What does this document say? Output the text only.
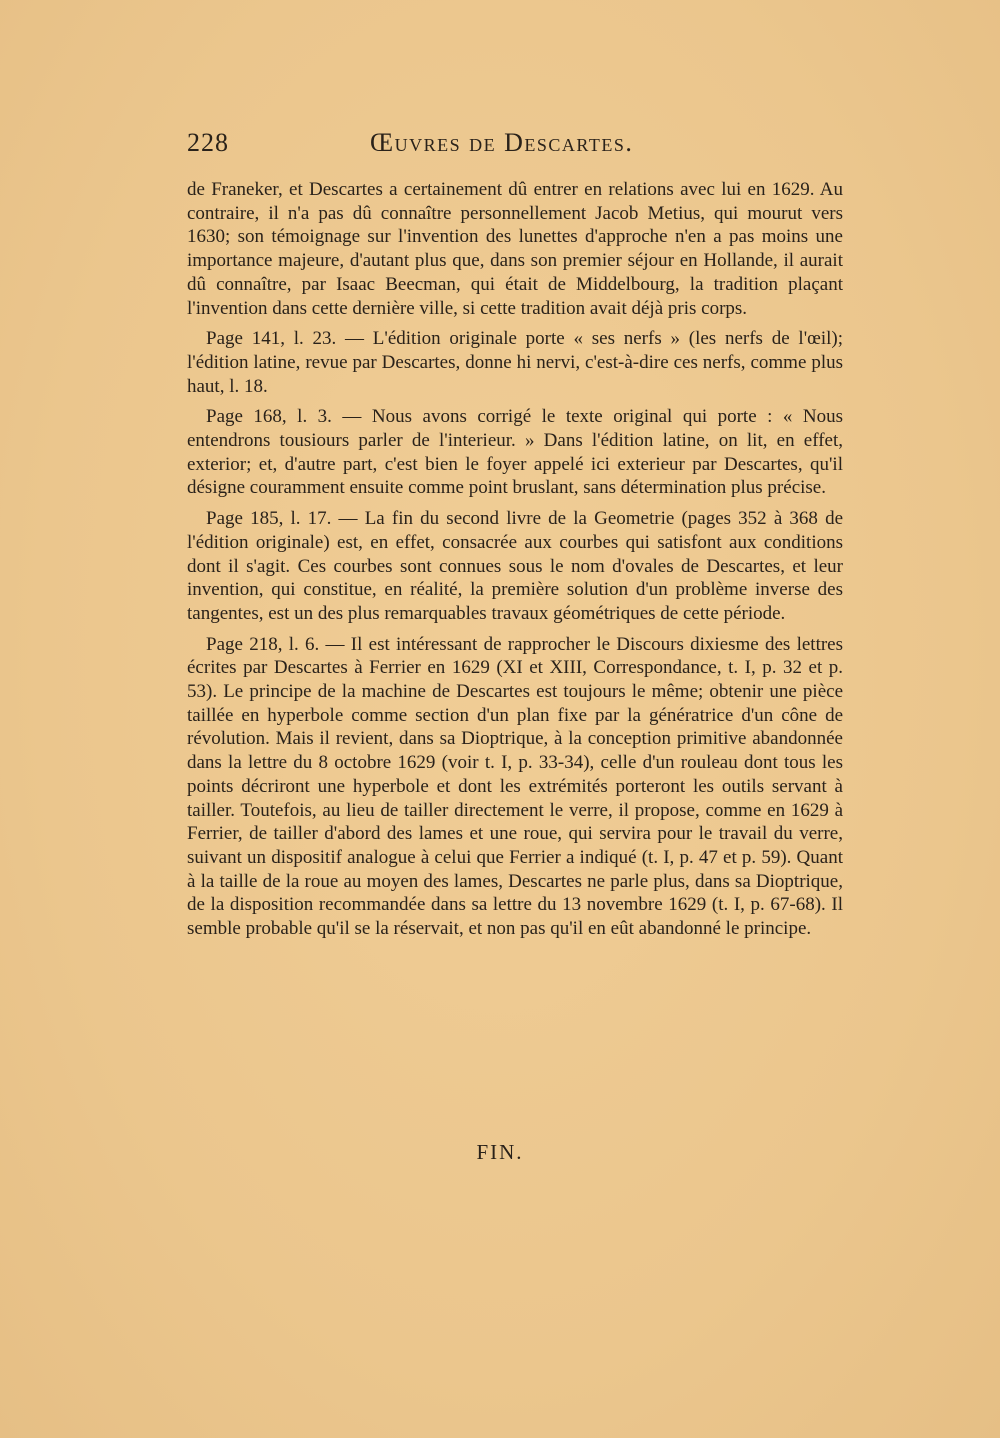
228	Œuvres de Descartes.

de Franeker, et Descartes a certainement dû entrer en relations avec lui en 1629. Au contraire, il n'a pas dû connaître personnellement Jacob Metius, qui mourut vers 1630; son témoignage sur l'invention des lunettes d'approche n'en a pas moins une importance majeure, d'autant plus que, dans son premier séjour en Hollande, il aurait dû connaître, par Isaac Beecman, qui était de Middelbourg, la tradition plaçant l'invention dans cette dernière ville, si cette tradition avait déjà pris corps.

Page 141, l. 23. — L'édition originale porte « ses nerfs » (les nerfs de l'œil); l'édition latine, revue par Descartes, donne hi nervi, c'est-à-dire ces nerfs, comme plus haut, l. 18.

Page 168, l. 3. — Nous avons corrigé le texte original qui porte : « Nous entendrons tousiours parler de l'interieur. » Dans l'édition latine, on lit, en effet, exterior; et, d'autre part, c'est bien le foyer appelé ici exterieur par Descartes, qu'il désigne couramment ensuite comme point bruslant, sans détermination plus précise.

Page 185, l. 17. — La fin du second livre de la Geometrie (pages 352 à 368 de l'édition originale) est, en effet, consacrée aux courbes qui satisfont aux conditions dont il s'agit. Ces courbes sont connues sous le nom d'ovales de Descartes, et leur invention, qui constitue, en réalité, la première solution d'un problème inverse des tangentes, est un des plus remarquables travaux géométriques de cette période.

Page 218, l. 6. — Il est intéressant de rapprocher le Discours dixiesme des lettres écrites par Descartes à Ferrier en 1629 (XI et XIII, Correspondance, t. I, p. 32 et p. 53). Le principe de la machine de Descartes est toujours le même; obtenir une pièce taillée en hyperbole comme section d'un plan fixe par la génératrice d'un cône de révolution. Mais il revient, dans sa Dioptrique, à la conception primitive abandonnée dans la lettre du 8 octobre 1629 (voir t. I, p. 33-34), celle d'un rouleau dont tous les points décriront une hyperbole et dont les extrémités porteront les outils servant à tailler. Toutefois, au lieu de tailler directement le verre, il propose, comme en 1629 à Ferrier, de tailler d'abord des lames et une roue, qui servira pour le travail du verre, suivant un dispositif analogue à celui que Ferrier a indiqué (t. I, p. 47 et p. 59). Quant à la taille de la roue au moyen des lames, Descartes ne parle plus, dans sa Dioptrique, de la disposition recommandée dans sa lettre du 13 novembre 1629 (t. I, p. 67-68). Il semble probable qu'il se la réservait, et non pas qu'il en eût abandonné le principe.

FIN.
